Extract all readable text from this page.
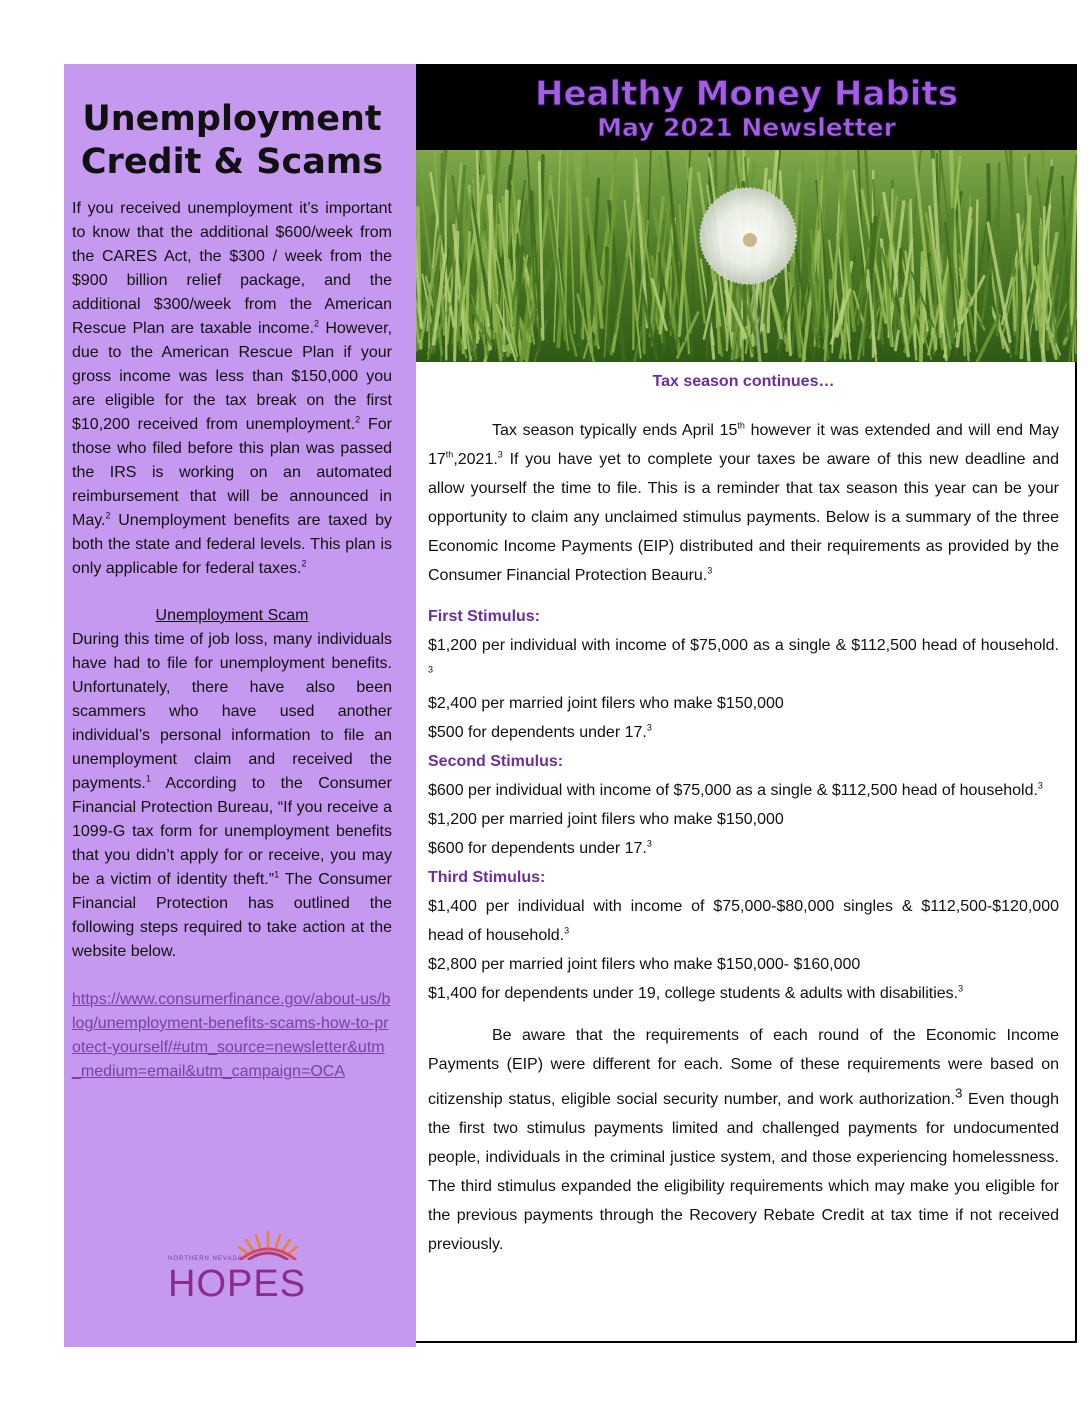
Unemployment
Credit & Scams
If you received unemployment it’s important to know that the additional $600/week from the CARES Act, the $300 / week from the $900 billion relief package, and the additional $300/week from the American Rescue Plan are taxable income.$^2$ However, due to the American Rescue Plan if your gross income was less than $150,000 you are eligible for the tax break on the first $10,200 received from unemployment.$^2$ For those who filed before this plan was passed the IRS is working on an automated reimbursement that will be announced in May.$^2$ Unemployment benefits are taxed by both the state and federal levels. This plan is only applicable for federal taxes.$^2$
Unemployment Scam
During this time of job loss, many individuals have had to file for unemployment benefits. Unfortunately, there have also been scammers who have used another individual’s personal information to file an unemployment claim and received the payments.$^1$ According to the Consumer Financial Protection Bureau, “If you receive a 1099-G tax form for unemployment benefits that you didn’t apply for or receive, you may be a victim of identity theft.”$^1$ The Consumer Financial Protection has outlined the following steps required to take action at the website below.
https://www.consumerfinance.gov/about-us/blog/unemployment-benefits-scams-how-to-protect-yourself/#utm_source=newsletter&utm_medium=email&utm_campaign=OCA
NORTHERN NEVADA
HOPES
Healthy Money Habits
May 2021 Newsletter
Tax season continues…
Tax season typically ends April 15th however it was extended and will end May 17th,2021.$^3$ If you have yet to complete your taxes be aware of this new deadline and allow yourself the time to file. This is a reminder that tax season this year can be your opportunity to claim any unclaimed stimulus payments. Below is a summary of the three Economic Income Payments (EIP) distributed and their requirements as provided by the Consumer Financial Protection Beauru.$^3$
First Stimulus:
$1,200 per individual with income of $75,000 as a single & $112,500 head of household. $^3$
$2,400 per married joint filers who make $150,000
$500 for dependents under 17.$^3$
Second Stimulus:
$600 per individual with income of $75,000 as a single & $112,500 head of household.$^3$
$1,200 per married joint filers who make $150,000
$600 for dependents under 17.$^3$
Third Stimulus:
$1,400 per individual with income of $75,000-$80,000 singles & $112,500-$120,000 head of household.$^3$
$2,800 per married joint filers who make $150,000- $160,000
$1,400 for dependents under 19, college students & adults with disabilities.$^3$
Be aware that the requirements of each round of the Economic Income Payments (EIP) were different for each. Some of these requirements were based on citizenship status, eligible social security number, and work authorization.$^3$ Even though the first two stimulus payments limited and challenged payments for undocumented people, individuals in the criminal justice system, and those experiencing homelessness. The third stimulus expanded the eligibility requirements which may make you eligible for the previous payments through the Recovery Rebate Credit at tax time if not received previously.
